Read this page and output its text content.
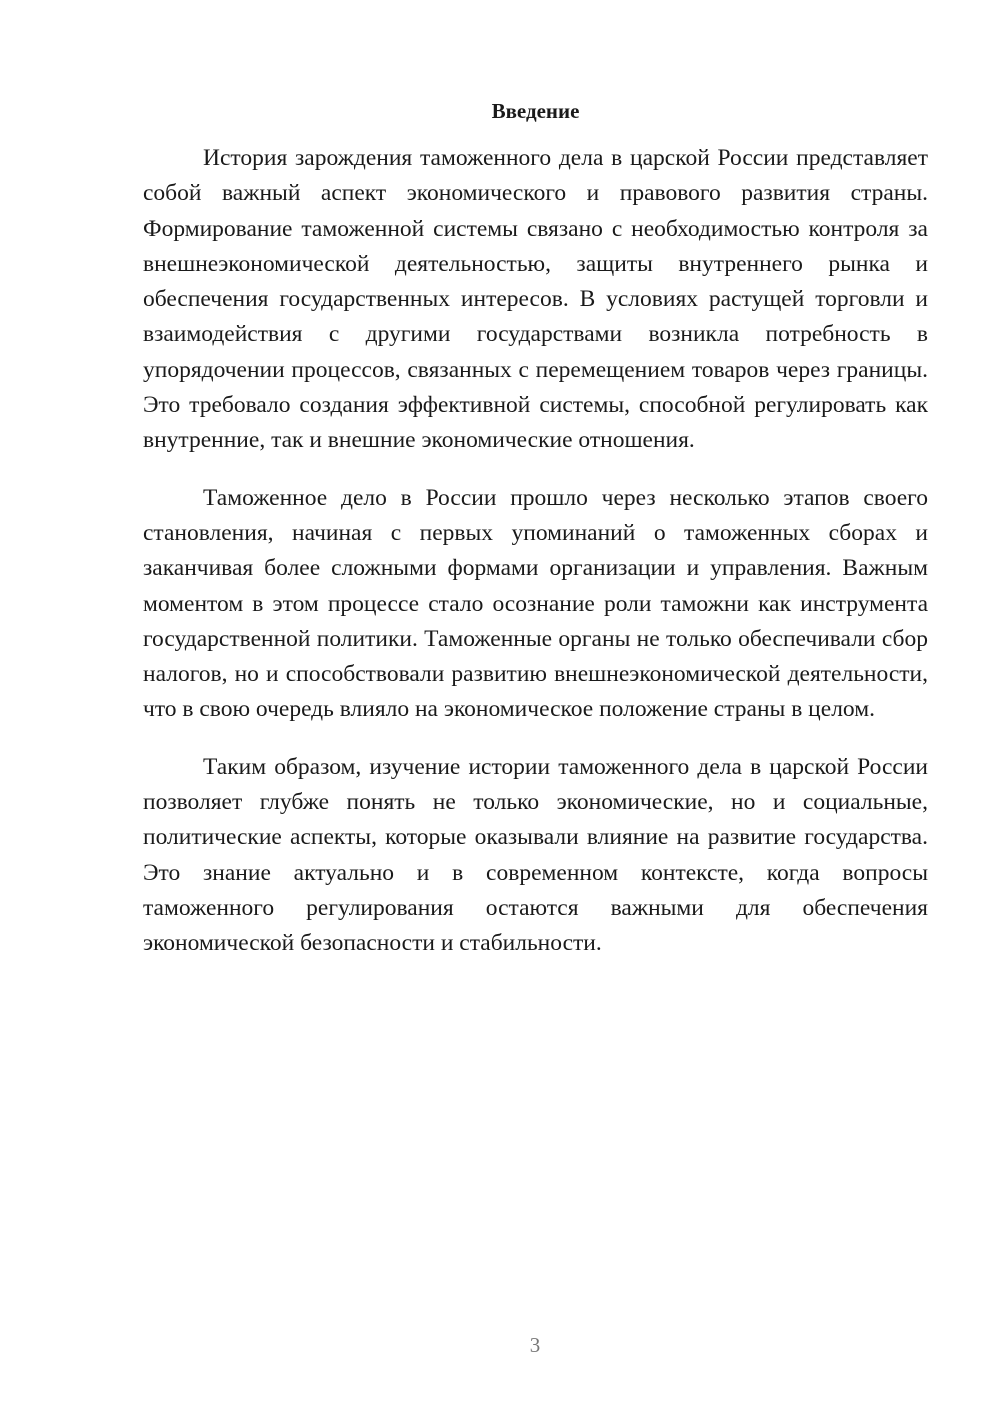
Введение

История зарождения таможенного дела в царской России представляет собой важный аспект экономического и правового развития страны. Формирование таможенной системы связано с необходимостью контроля за внешнеэкономической деятельностью, защиты внутреннего рынка и обеспечения государственных интересов. В условиях растущей торговли и взаимодействия с другими государствами возникла потребность в упорядочении процессов, связанных с перемещением товаров через границы. Это требовало создания эффективной системы, способной регулировать как внутренние, так и внешние экономические отношения.

Таможенное дело в России прошло через несколько этапов своего становления, начиная с первых упоминаний о таможенных сборах и заканчивая более сложными формами организации и управления. Важным моментом в этом процессе стало осознание роли таможни как инструмента государственной политики. Таможенные органы не только обеспечивали сбор налогов, но и способствовали развитию внешнеэкономической деятельности, что в свою очередь влияло на экономическое положение страны в целом.

Таким образом, изучение истории таможенного дела в царской России позволяет глубже понять не только экономические, но и социальные, политические аспекты, которые оказывали влияние на развитие государства. Это знание актуально и в современном контексте, когда вопросы таможенного регулирования остаются важными для обеспечения экономической безопасности и стабильности.

3
